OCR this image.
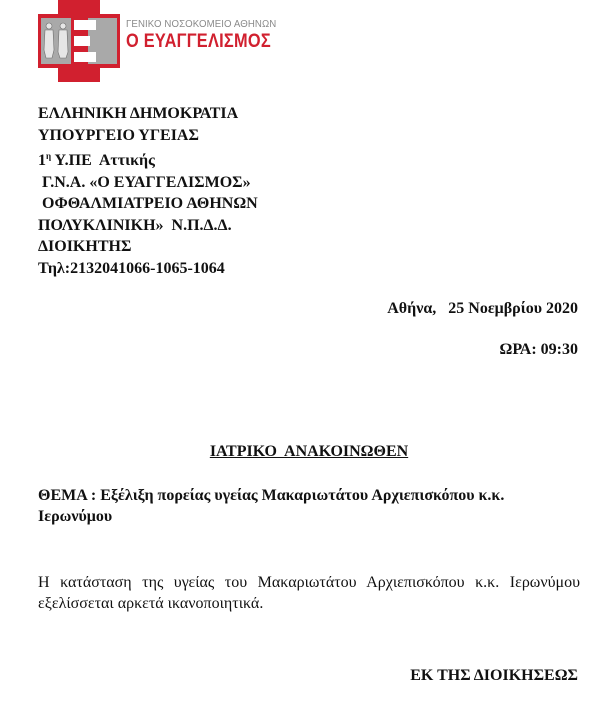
ΓΕΝΙΚΟ ΝΟΣΟΚΟΜΕΙΟ ΑΘΗΝΩΝ
Ο ΕΥΑΓΓΕΛΙΣΜΟΣ
ΕΛΛΗΝΙΚΗ ΔΗΜΟΚΡΑΤΙΑ
ΥΠΟΥΡΓΕΙΟ ΥΓΕΙΑΣ
$1^\eta$ Υ.ΠΕ  Αττικής
Γ.Ν.Α. «Ο ΕΥΑΓΓΕΛΙΣΜΟΣ»
ΟΦΘΑΛΜΙΑΤΡΕΙΟ ΑΘΗΝΩΝ
ΠΟΛΥΚΛΙΝΙΚΗ»  Ν.Π.Δ.Δ.
ΔΙΟΙΚΗΤΗΣ
Τηλ:2132041066-1065-1064
Αθήνα,   25 Νοεμβρίου 2020
ΩΡΑ: 09:30
ΙΑΤΡΙΚΟ  ΑΝΑΚΟΙΝΩΘΕΝ
ΘΕΜΑ : Εξέλιξη πορείας υγείας Μακαριωτάτου Αρχιεπισκόπου κ.κ. Ιερωνύμου
Η κατάσταση της υγείας του Μακαριωτάτου Αρχιεπισκόπου κ.κ. Ιερωνύμου εξελίσσεται αρκετά ικανοποιητικά.
ΕΚ ΤΗΣ ΔΙΟΙΚΗΣΕΩΣ
